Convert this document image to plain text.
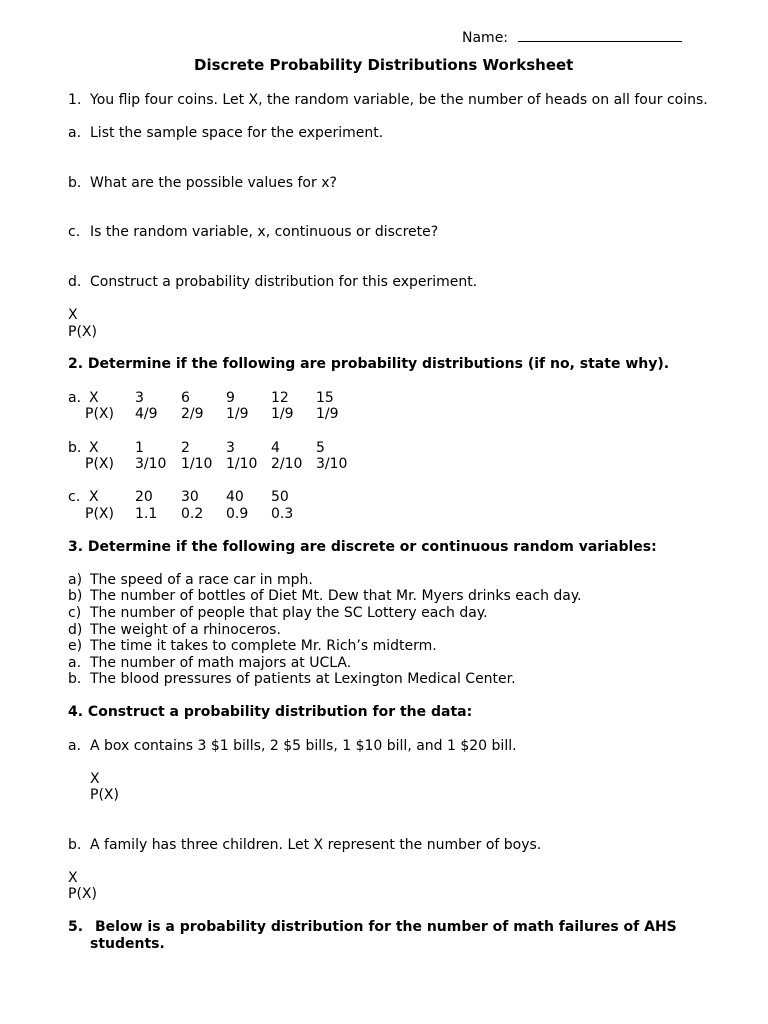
Name:
Discrete Probability Distributions Worksheet
1. You flip four coins. Let X, the random variable, be the number of heads on all four coins.
a. List the sample space for the experiment.
b. What are the possible values for x?
c. Is the random variable, x, continuous or discrete?
d. Construct a probability distribution for this experiment.
X
P(X)
2. Determine if the following are probability distributions (if no, state why).
a. X	3	6	9	12 15
P(X) 4/9 2/9 1/9 1/9 1/9
b. X	1	2	3	4	5
P(X) 3/10 1/10 1/10 2/10 3/10
c. X	20 30 40 50
P(X) 1.1 0.2 0.9 0.3
3. Determine if the following are discrete or continuous random variables:
a) The speed of a race car in mph.
b) The number of bottles of Diet Mt. Dew that Mr. Myers drinks each day.
c) The number of people that play the SC Lottery each day.
d) The weight of a rhinoceros.
e) The time it takes to complete Mr. Rich’s midterm.
a. The number of math majors at UCLA.
b. The blood pressures of patients at Lexington Medical Center.
4. Construct a probability distribution for the data:
a. A box contains 3 $1 bills, 2 $5 bills, 1 $10 bill, and 1 $20 bill.
X
P(X)
b. A family has three children. Let X represent the number of boys.
X
P(X)
5. Below is a probability distribution for the number of math failures of AHS
students.
